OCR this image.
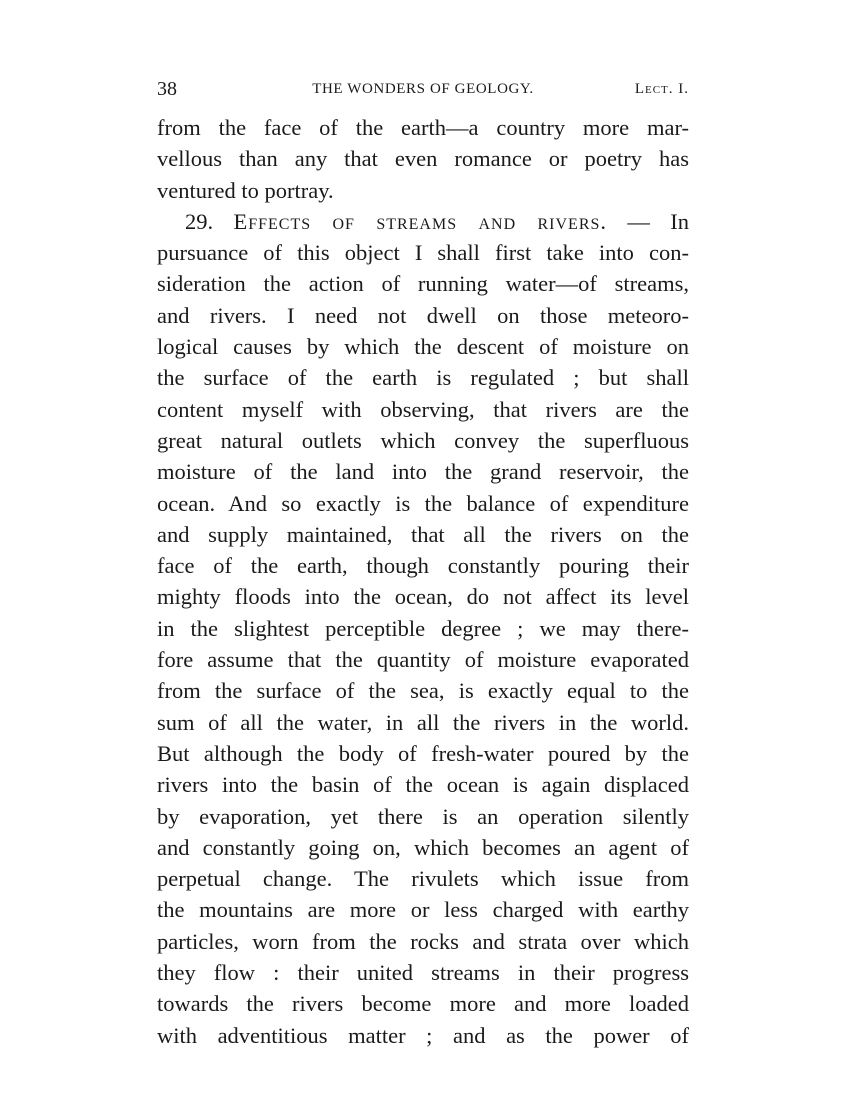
38	THE WONDERS OF GEOLOGY.	Lect. I.
from the face of the earth—a country more mar-
vellous than any that even romance or poetry has
ventured to portray.
29. Effects of streams and rivers. — In
pursuance of this object I shall first take into con-
sideration the action of running water—of streams,
and rivers. I need not dwell on those meteoro-
logical causes by which the descent of moisture on
the surface of the earth is regulated ; but shall
content myself with observing, that rivers are the
great natural outlets which convey the superfluous
moisture of the land into the grand reservoir, the
ocean. And so exactly is the balance of expenditure
and supply maintained, that all the rivers on the
face of the earth, though constantly pouring their
mighty floods into the ocean, do not affect its level
in the slightest perceptible degree ; we may there-
fore assume that the quantity of moisture evaporated
from the surface of the sea, is exactly equal to the
sum of all the water, in all the rivers in the world.
But although the body of fresh-water poured by the
rivers into the basin of the ocean is again displaced
by evaporation, yet there is an operation silently
and constantly going on, which becomes an agent of
perpetual change. The rivulets which issue from
the mountains are more or less charged with earthy
particles, worn from the rocks and strata over which
they flow : their united streams in their progress
towards the rivers become more and more loaded
with adventitious matter ; and as the power of
